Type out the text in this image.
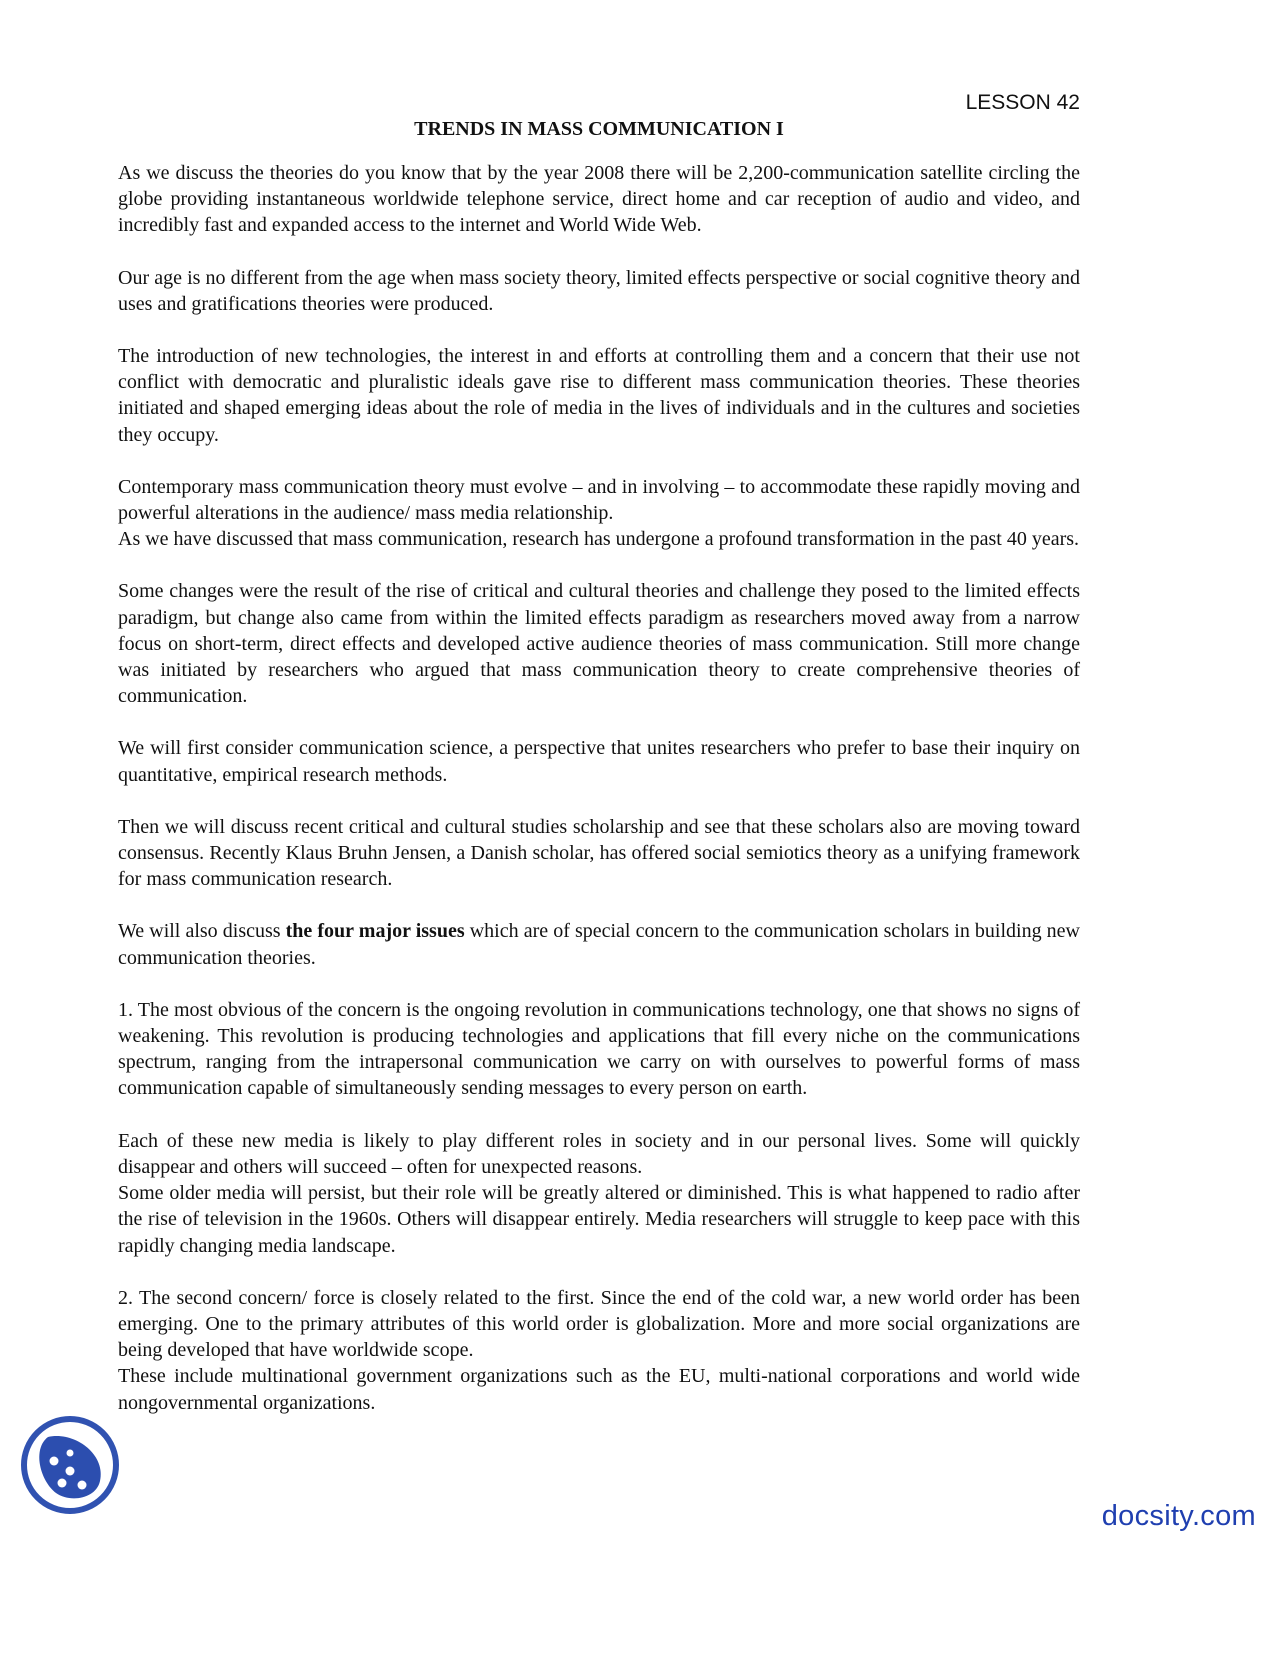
LESSON 42

TRENDS IN MASS COMMUNICATION I

As we discuss the theories do you know that by the year 2008 there will be 2,200-communication satellite circling the globe providing instantaneous worldwide telephone service, direct home and car reception of audio and video, and incredibly fast and expanded access to the internet and World Wide Web.

Our age is no different from the age when mass society theory, limited effects perspective or social cognitive theory and uses and gratifications theories were produced.

The introduction of new technologies, the interest in and efforts at controlling them and a concern that their use not conflict with democratic and pluralistic ideals gave rise to different mass communication theories. These theories initiated and shaped emerging ideas about the role of media in the lives of individuals and in the cultures and societies they occupy.

Contemporary mass communication theory must evolve – and in involving – to accommodate these rapidly moving and powerful alterations in the audience/ mass media relationship.

As we have discussed that mass communication, research has undergone a profound transformation in the past 40 years.

Some changes were the result of the rise of critical and cultural theories and challenge they posed to the limited effects paradigm, but change also came from within the limited effects paradigm as researchers moved away from a narrow focus on short-term, direct effects and developed active audience theories of mass communication. Still more change was initiated by researchers who argued that mass communication theory to create comprehensive theories of communication.

We will first consider communication science, a perspective that unites researchers who prefer to base their inquiry on quantitative, empirical research methods.

Then we will discuss recent critical and cultural studies scholarship and see that these scholars also are moving toward consensus. Recently Klaus Bruhn Jensen, a Danish scholar, has offered social semiotics theory as a unifying framework for mass communication research.

We will also discuss the four major issues which are of special concern to the communication scholars in building new communication theories.

1. The most obvious of the concern is the ongoing revolution in communications technology, one that shows no signs of weakening. This revolution is producing technologies and applications that fill every niche on the communications spectrum, ranging from the intrapersonal communication we carry on with ourselves to powerful forms of mass communication capable of simultaneously sending messages to every person on earth.

Each of these new media is likely to play different roles in society and in our personal lives. Some will quickly disappear and others will succeed – often for unexpected reasons.

Some older media will persist, but their role will be greatly altered or diminished. This is what happened to radio after the rise of television in the 1960s. Others will disappear entirely. Media researchers will struggle to keep pace with this rapidly changing media landscape.

2. The second concern/ force is closely related to the first. Since the end of the cold war, a new world order has been emerging. One to the primary attributes of this world order is globalization. More and more social organizations are being developed that have worldwide scope.

These include multinational government organizations such as the EU, multi-national corporations and world wide nongovernmental organizations.

docsity.com
